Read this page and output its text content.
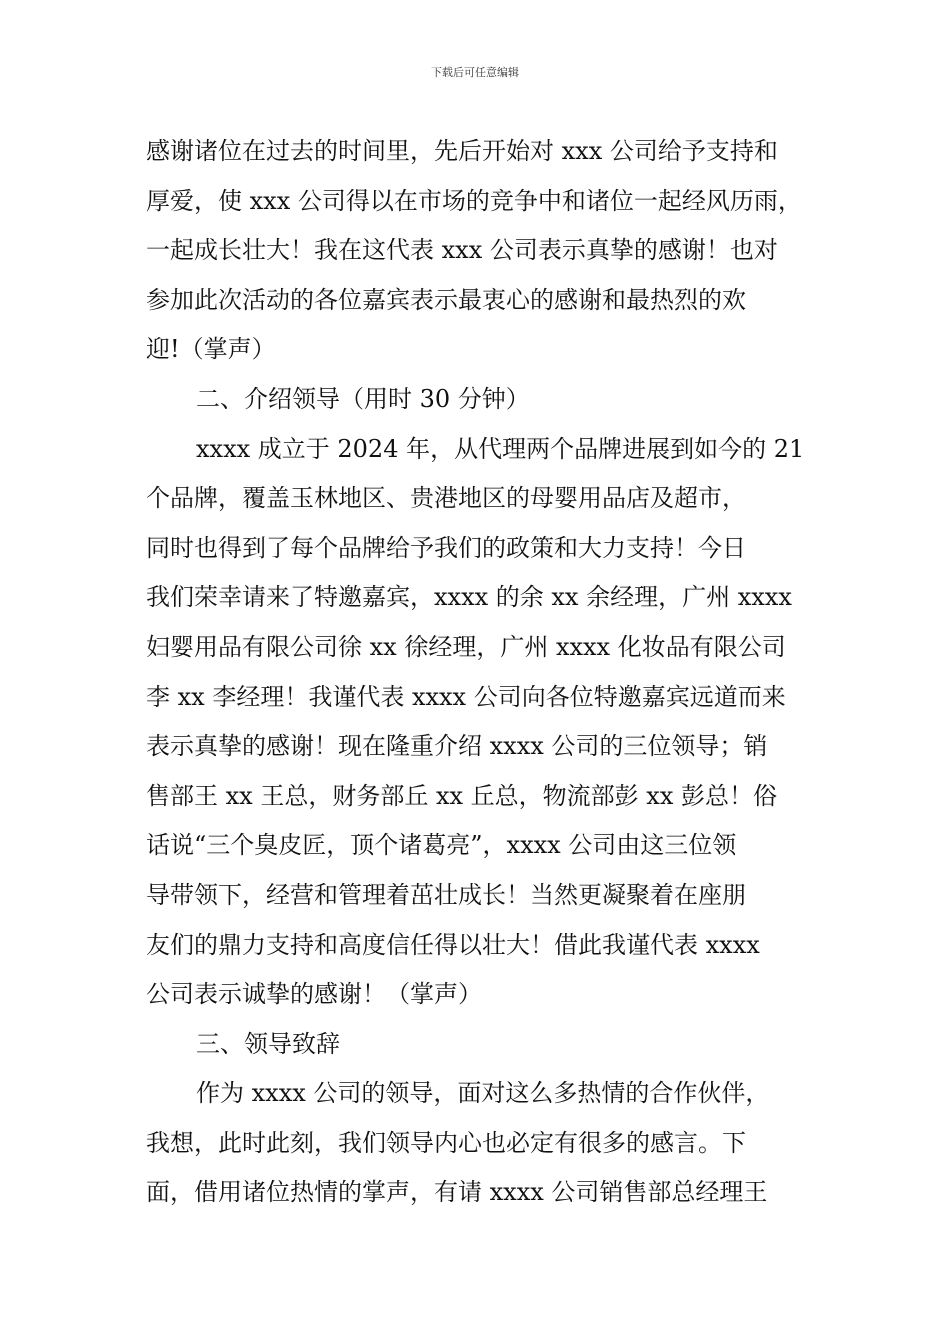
下载后可任意编辑
感谢诸位在过去的时间里，先后开始对 xxx 公司给予支持和
厚爱，使 xxx 公司得以在市场的竞争中和诸位一起经风历雨，
一起成长壮大！我在这代表 xxx 公司表示真挚的感谢！也对
参加此次活动的各位嘉宾表示最衷心的感谢和最热烈的欢
迎!（掌声）
二、介绍领导（用时 30 分钟）
xxxx 成立于 2024 年，从代理两个品牌进展到如今的 21
个品牌，覆盖玉林地区、贵港地区的母婴用品店及超市，
同时也得到了每个品牌给予我们的政策和大力支持！今日
我们荣幸请来了特邀嘉宾，xxxx 的余 xx 余经理，广州 xxxx
妇婴用品有限公司徐 xx 徐经理，广州 xxxx 化妆品有限公司
李 xx 李经理！我谨代表 xxxx 公司向各位特邀嘉宾远道而来
表示真挚的感谢！现在隆重介绍 xxxx 公司的三位领导；销
售部王 xx 王总，财务部丘 xx 丘总，物流部彭 xx 彭总！俗
话说“三个臭皮匠，顶个诸葛亮”，xxxx 公司由这三位领
导带领下，经营和管理着茁壮成长！当然更凝聚着在座朋
友们的鼎力支持和高度信任得以壮大！借此我谨代表 xxxx
公司表示诚挚的感谢！（掌声）
三、领导致辞
作为 xxxx 公司的领导，面对这么多热情的合作伙伴，
我想，此时此刻，我们领导内心也必定有很多的感言。下
面，借用诸位热情的掌声，有请 xxxx 公司销售部总经理王
